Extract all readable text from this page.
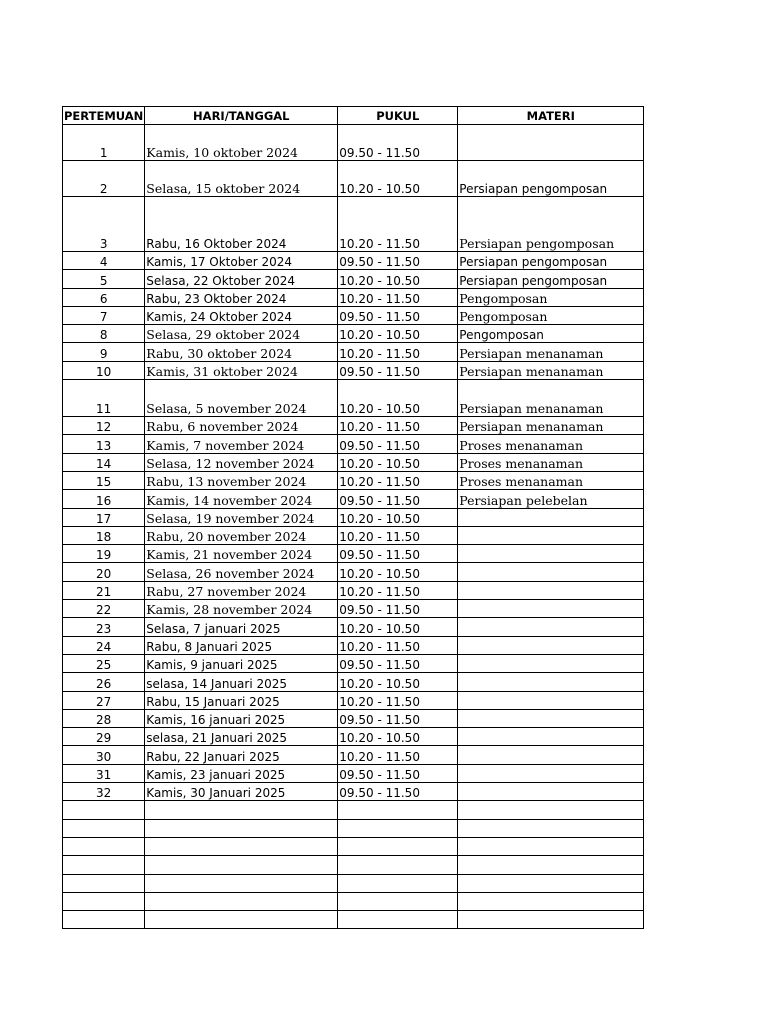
PERTEMUAN	HARI/TANGGAL	PUKUL	MATERI
1	Kamis, 10 oktober 2024	09.50 - 11.50	
2	Selasa, 15 oktober 2024	10.20 - 10.50	Persiapan pengomposan
3	Rabu, 16 Oktober 2024	10.20 - 11.50	Persiapan pengomposan
4	Kamis, 17 Oktober 2024	09.50 - 11.50	Persiapan pengomposan
5	Selasa, 22 Oktober 2024	10.20 - 10.50	Persiapan pengomposan
6	Rabu, 23 Oktober 2024	10.20 - 11.50	Pengomposan
7	Kamis, 24 Oktober 2024	09.50 - 11.50	Pengomposan
8	Selasa, 29 oktober 2024	10.20 - 10.50	Pengomposan
9	Rabu, 30 oktober 2024	10.20 - 11.50	Persiapan menanaman
10	Kamis, 31 oktober 2024	09.50 - 11.50	Persiapan menanaman
11	Selasa, 5 november 2024	10.20 - 10.50	Persiapan menanaman
12	Rabu, 6 november 2024	10.20 - 11.50	Persiapan menanaman
13	Kamis, 7 november 2024	09.50 - 11.50	Proses menanaman
14	Selasa, 12 november 2024	10.20 - 10.50	Proses menanaman
15	Rabu, 13 november 2024	10.20 - 11.50	Proses menanaman
16	Kamis, 14 november 2024	09.50 - 11.50	Persiapan pelebelan
17	Selasa, 19 november 2024	10.20 - 10.50	
18	Rabu, 20 november 2024	10.20 - 11.50	
19	Kamis, 21 november 2024	09.50 - 11.50	
20	Selasa, 26 november 2024	10.20 - 10.50	
21	Rabu, 27 november 2024	10.20 - 11.50	
22	Kamis, 28 november 2024	09.50 - 11.50	
23	Selasa, 7 januari 2025	10.20 - 10.50	
24	Rabu, 8 Januari 2025	10.20 - 11.50	
25	Kamis, 9 januari 2025	09.50 - 11.50	
26	selasa, 14 Januari 2025	10.20 - 10.50	
27	Rabu, 15 Januari 2025	10.20 - 11.50	
28	Kamis, 16 januari 2025	09.50 - 11.50	
29	selasa, 21 Januari 2025	10.20 - 10.50	
30	Rabu, 22 Januari 2025	10.20 - 11.50	
31	Kamis, 23 januari 2025	09.50 - 11.50	
32	Kamis, 30 Januari 2025	09.50 - 11.50	
